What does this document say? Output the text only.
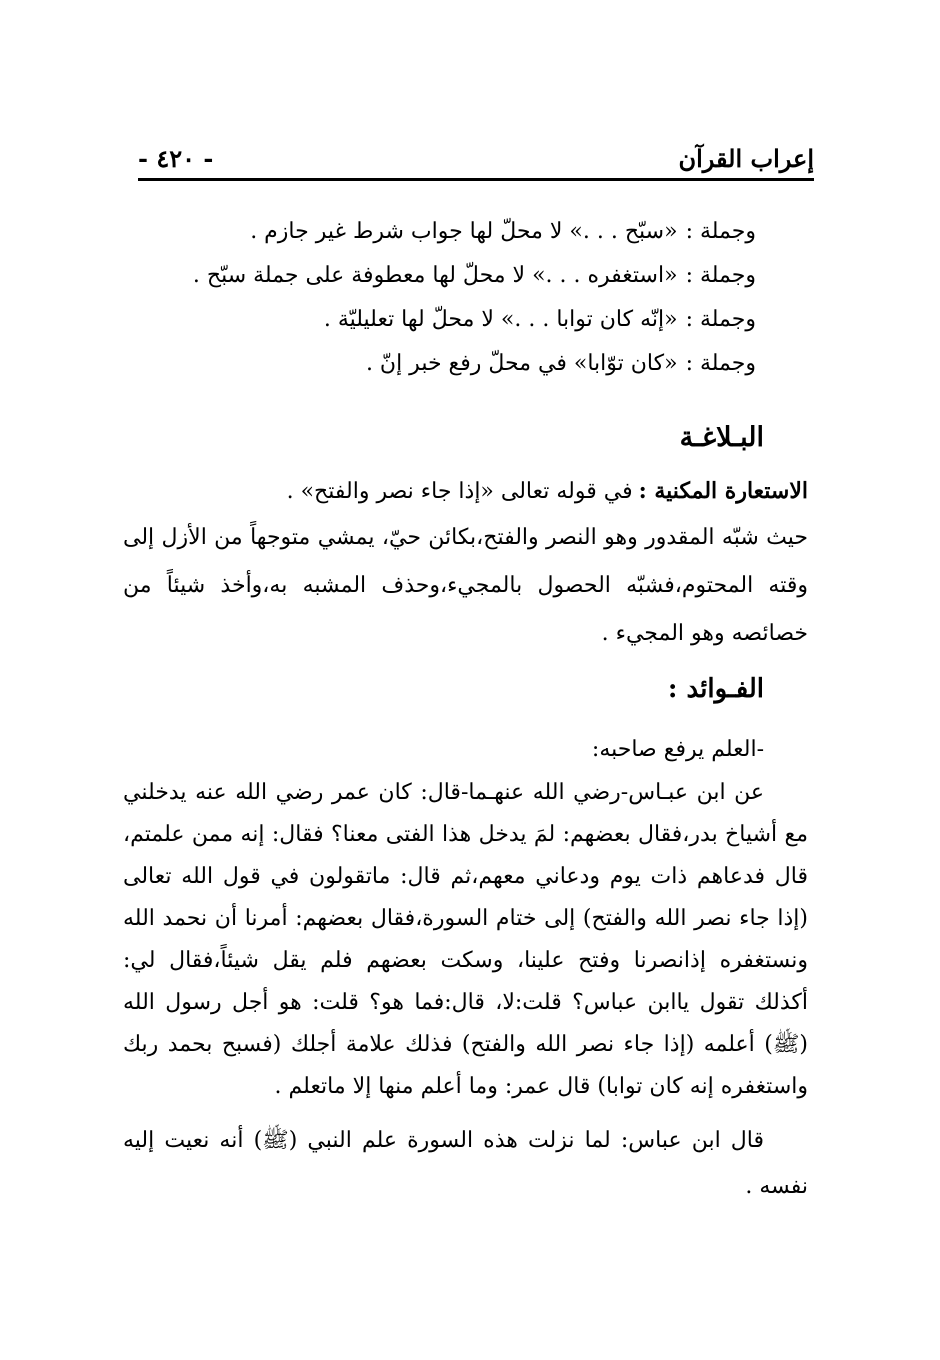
إعراب القرآن
- ٤٢٠ -
وجملة :«سبّح . . .» لا محلّ لها جواب شرط غير جازم .
وجملة :«استغفره . . .» لا محلّ لها معطوفة على جملة سبّح .
وجملة :«إنّه كان توابا . . .» لا محلّ لها تعليليّة .
وجملة :«كان توّابا» في محلّ رفع خبر إنّ .
البـلاغـة
الاستعارة المكنية :في قوله تعالى «إذا جاء نصر والفتح» .
حيث شبّه المقدور وهو النصر والفتح،بكائن حيّ، يمشي متوجهاً من الأزل إلى وقته المحتوم،فشبّه الحصول بالمجيء،وحذف المشبه به،وأخذ شيئاً من خصائصه وهو المجيء .
الفـوائد :
-العلم يرفع صاحبه:
عن ابن عبـاس-رضي الله عنهـما-قال: كان عمر رضي الله عنه يدخلني مع أشياخ بدر،فقال بعضهم: لمَ يدخل هذا الفتى معنا؟ فقال: إنه ممن علمتم، قال فدعاهم ذات يوم ودعاني معهم،ثم قال: ماتقولون في قول الله تعالى (إذا جاء نصر الله والفتح) إلى ختام السورة،فقال بعضهم: أمرنا أن نحمد الله ونستغفره إذانصرنا وفتح علينا، وسكت بعضهم فلم يقل شيئاً،فقال لي: أكذلك تقول ياابن عباس؟ قلت:لا، قال:فما هو؟ قلت: هو أجل رسول الله (ﷺ) أعلمه (إذا جاء نصر الله والفتح) فذلك علامة أجلك (فسبح بحمد ربك واستغفره إنه كان توابا) قال عمر: وما أعلم منها إلا ماتعلم .
قال ابن عباس: لما نزلت هذه السورة علم النبي (ﷺ) أنه نعيت إليه نفسه .
